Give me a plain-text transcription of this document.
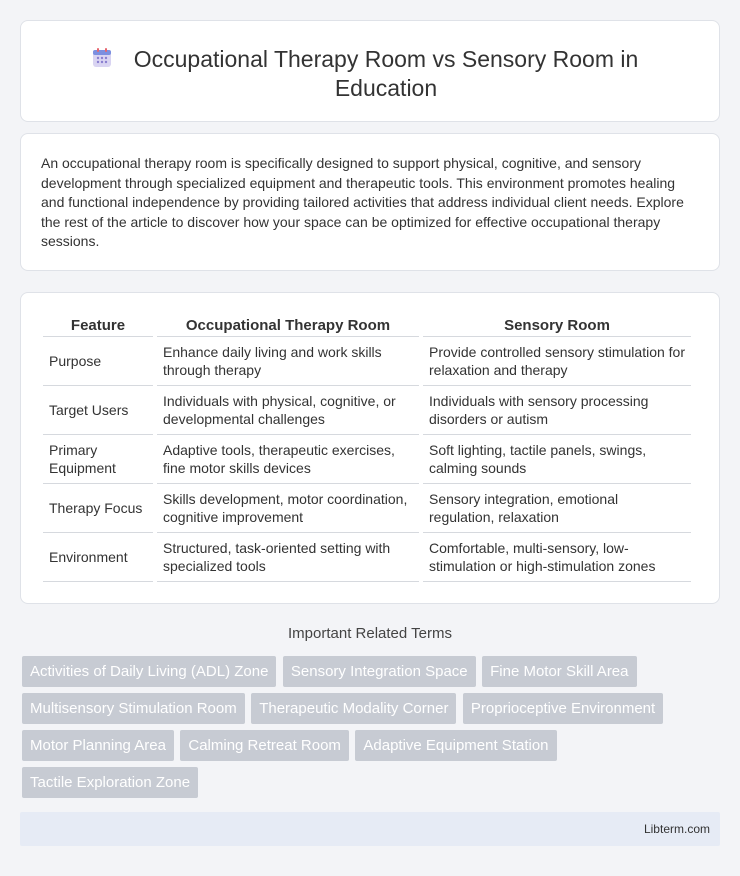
Occupational Therapy Room vs Sensory Room in Education

An occupational therapy room is specifically designed to support physical, cognitive, and sensory development through specialized equipment and therapeutic tools. This environment promotes healing and functional independence by providing tailored activities that address individual client needs. Explore the rest of the article to discover how your space can be optimized for effective occupational therapy sessions.

Feature	Occupational Therapy Room	Sensory Room
Purpose	Enhance daily living and work skills through therapy	Provide controlled sensory stimulation for relaxation and therapy
Target Users	Individuals with physical, cognitive, or developmental challenges	Individuals with sensory processing disorders or autism
Primary Equipment	Adaptive tools, therapeutic exercises, fine motor skills devices	Soft lighting, tactile panels, swings, calming sounds
Therapy Focus	Skills development, motor coordination, cognitive improvement	Sensory integration, emotional regulation, relaxation
Environment	Structured, task-oriented setting with specialized tools	Comfortable, multi-sensory, low-stimulation or high-stimulation zones
Important Related Terms
Activities of Daily Living (ADL) Zone Sensory Integration Space Fine Motor Skill Area Multisensory Stimulation Room Therapeutic Modality Corner Proprioceptive Environment Motor Planning Area Calming Retreat Room Adaptive Equipment Station Tactile Exploration Zone
Libterm.com
